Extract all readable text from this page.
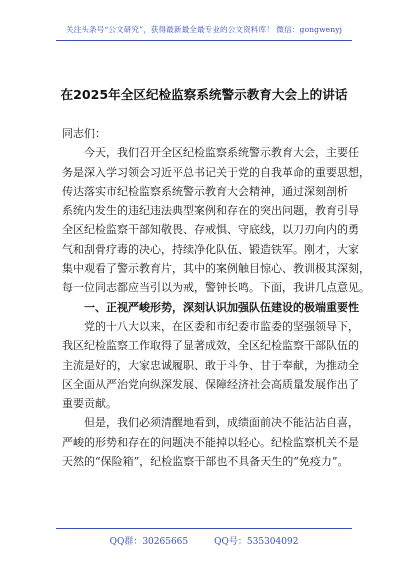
关注头条号“公文研究”，获得最新最全最专业的公文资料库！ 微信：gongwenyj
在2025年全区纪检监察系统警示教育大会上的讲话
同志们：
今天，我们召开全区纪检监察系统警示教育大会，主要任
务是深入学习领会习近平总书记关于党的自我革命的重要思想，
传达落实市纪检监察系统警示教育大会精神，通过深刻剖析
系统内发生的违纪违法典型案例和存在的突出问题，教育引导
全区纪检监察干部知敬畏、存戒惧、守底线，以刀刃向内的勇
气和刮骨疗毒的决心，持续净化队伍、锻造铁军。刚才，大家
集中观看了警示教育片，其中的案例触目惊心、教训极其深刻，
每一位同志都应当引以为戒，警钟长鸣。下面，我讲几点意见。
一、正视严峻形势，深刻认识加强队伍建设的极端重要性
党的十八大以来，在区委和市纪委市监委的坚强领导下，
我区纪检监察工作取得了显著成效，全区纪检监察干部队伍的
主流是好的，大家忠诚履职、敢于斗争、甘于奉献，为推动全
区全面从严治党向纵深发展、保障经济社会高质量发展作出了
重要贡献。
但是，我们必须清醒地看到，成绩面前决不能沾沾自喜，
严峻的形势和存在的问题决不能掉以轻心。纪检监察机关不是
天然的“保险箱”，纪检监察干部也不具备天生的“免疫力”。
QQ群：30265665	QQ号：535304092
